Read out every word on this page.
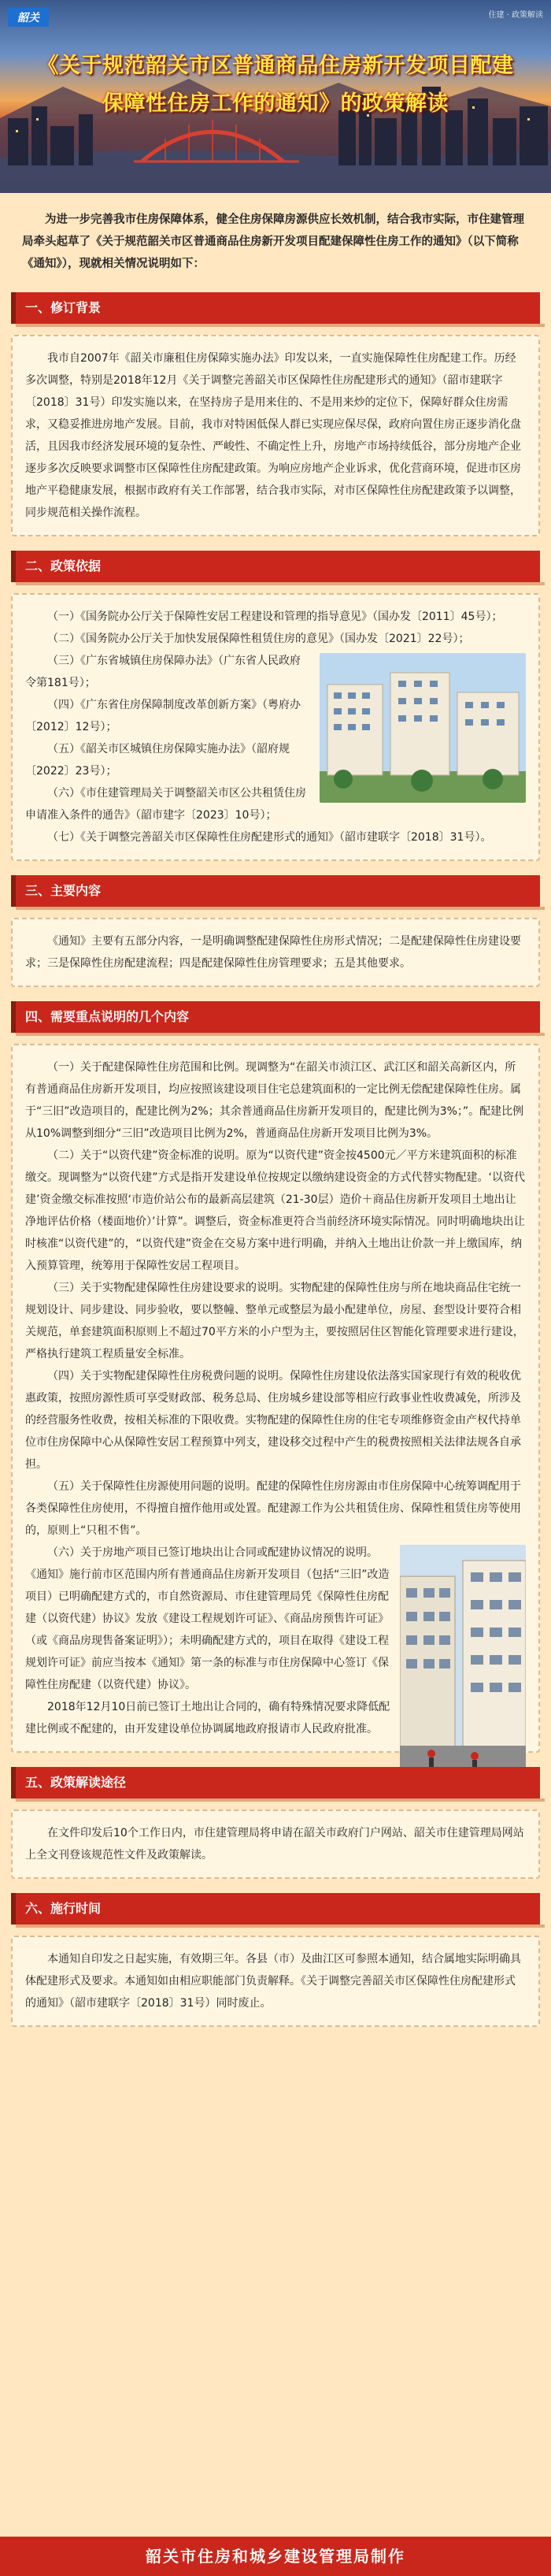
韶关	住建 · 政策解读
《关于规范韶关市区普通商品住房新开发项目配建
保障性住房工作的通知》的政策解读
为进一步完善我市住房保障体系，健全住房保障房源供应长效机制，结合我市实际，市住建管理局牵头起草了《关于规范韶关市区普通商品住房新开发项目配建保障性住房工作的通知》（以下简称《通知》），现就相关情况说明如下：
一、修订背景
我市自2007年《韶关市廉租住房保障实施办法》印发以来，一直实施保障性住房配建工作。历经多次调整，特别是2018年12月《关于调整完善韶关市区保障性住房配建形式的通知》（韶市建联字〔2018〕31号）印发实施以来，在坚持房子是用来住的、不是用来炒的定位下，保障好群众住房需求，又稳妥推进房地产发展。目前，我市对特困低保人群已实现应保尽保，政府向置住房正逐步消化盘活，且因我市经济发展环境的复杂性、严峻性、不确定性上升，房地产市场持续低谷，部分房地产企业逐步多次反映要求调整市区保障性住房配建政策。为响应房地产企业诉求，优化营商环境，促进市区房地产平稳健康发展，根据市政府有关工作部署，结合我市实际，对市区保障性住房配建政策予以调整，同步规范相关操作流程。
二、政策依据
（一）《国务院办公厅关于保障性安居工程建设和管理的指导意见》（国办发〔2011〕45号）；
（二）《国务院办公厅关于加快发展保障性租赁住房的意见》（国办发〔2021〕22号）；
（三）《广东省城镇住房保障办法》（广东省人民政府令第181号）；
（四）《广东省住房保障制度改革创新方案》（粤府办〔2012〕12号）；
（五）《韶关市区城镇住房保障实施办法》（韶府规〔2022〕23号）；
（六）《市住建管理局关于调整韶关市区公共租赁住房申请准入条件的通告》（韶市建字〔2023〕10号）；
（七）《关于调整完善韶关市区保障性住房配建形式的通知》（韶市建联字〔2018〕31号）。
三、主要内容
《通知》主要有五部分内容，一是明确调整配建保障性住房形式情况；二是配建保障性住房建设要求；三是保障性住房配建流程；四是配建保障性住房管理要求；五是其他要求。
四、需要重点说明的几个内容
（一）关于配建保障性住房范围和比例。现调整为“在韶关市浈江区、武江区和韶关高新区内，所有普通商品住房新开发项目，均应按照该建设项目住宅总建筑面积的一定比例无偿配建保障性住房。属于“三旧”改造项目的，配建比例为2%；其余普通商品住房新开发项目的，配建比例为3%；”。配建比例从10%调整到细分“三旧”改造项目比例为2%，普通商品住房新开发项目比例为3%。
（二）关于“以资代建”资金标准的说明。原为“以资代建”资金按4500元／平方米建筑面积的标准缴交。现调整为“以资代建”方式是指开发建设单位按规定以缴纳建设资金的方式代替实物配建。‘以资代建’资金缴交标准按照‘市造价站公布的最新高层建筑（21-30层）造价＋商品住房新开发项目土地出让净地评估价格（楼面地价）’计算”。调整后，资金标准更符合当前经济环境实际情况。同时明确地块出让时核准“以资代建”的，“以资代建”资金在交易方案中进行明确，并纳入土地出让价款一并上缴国库，纳入预算管理，统筹用于保障性安居工程项目。
（三）关于实物配建保障性住房建设要求的说明。实物配建的保障性住房与所在地块商品住宅统一规划设计、同步建设、同步验收，要以整幢、整单元或整层为最小配建单位，房屋、套型设计要符合相关规范，单套建筑面积原则上不超过70平方米的小户型为主，要按照居住区智能化管理要求进行建设，严格执行建筑工程质量安全标准。
（四）关于实物配建保障性住房税费问题的说明。保障性住房建设依法落实国家现行有效的税收优惠政策，按照房源性质可享受财政部、税务总局、住房城乡建设部等相应行政事业性收费减免，所涉及的经营服务性收费，按相关标准的下限收费。实物配建的保障性住房的住宅专项维修资金由产权代持单位市住房保障中心从保障性安居工程预算中列支，建设移交过程中产生的税费按照相关法律法规各自承担。
（五）关于保障性住房源使用问题的说明。配建的保障性住房房源由市住房保障中心统筹调配用于各类保障性住房使用，不得擅自擅作他用或处置。配建源工作为公共租赁住房、保障性租赁住房等使用的，原则上“只租不售”。
（六）关于房地产项目已签订地块出让合同或配建协议情况的说明。《通知》施行前市区范围内所有普通商品住房新开发项目（包括“三旧”改造项目）已明确配建方式的，市自然资源局、市住建管理局凭《保障性住房配建（以资代建）协议》发放《建设工程规划许可证》、《商品房预售许可证》（或《商品房现售备案证明》）；未明确配建方式的，项目在取得《建设工程规划许可证》前应当按本《通知》第一条的标准与市住房保障中心签订《保障性住房配建（以资代建）协议》。
2018年12月10日前已签订土地出让合同的，确有特殊情况要求降低配建比例或不配建的，由开发建设单位协调属地政府报请市人民政府批准。
五、政策解读途径
在文件印发后10个工作日内，市住建管理局将申请在韶关市政府门户网站、韶关市住建管理局网站上全文刊登该规范性文件及政策解读。
六、施行时间
本通知自印发之日起实施，有效期三年。各县（市）及曲江区可参照本通知，结合属地实际明确具体配建形式及要求。本通知如由相应职能部门负责解释。《关于调整完善韶关市区保障性住房配建形式的通知》（韶市建联字〔2018〕31号）同时废止。
韶关市住房和城乡建设管理局制作
